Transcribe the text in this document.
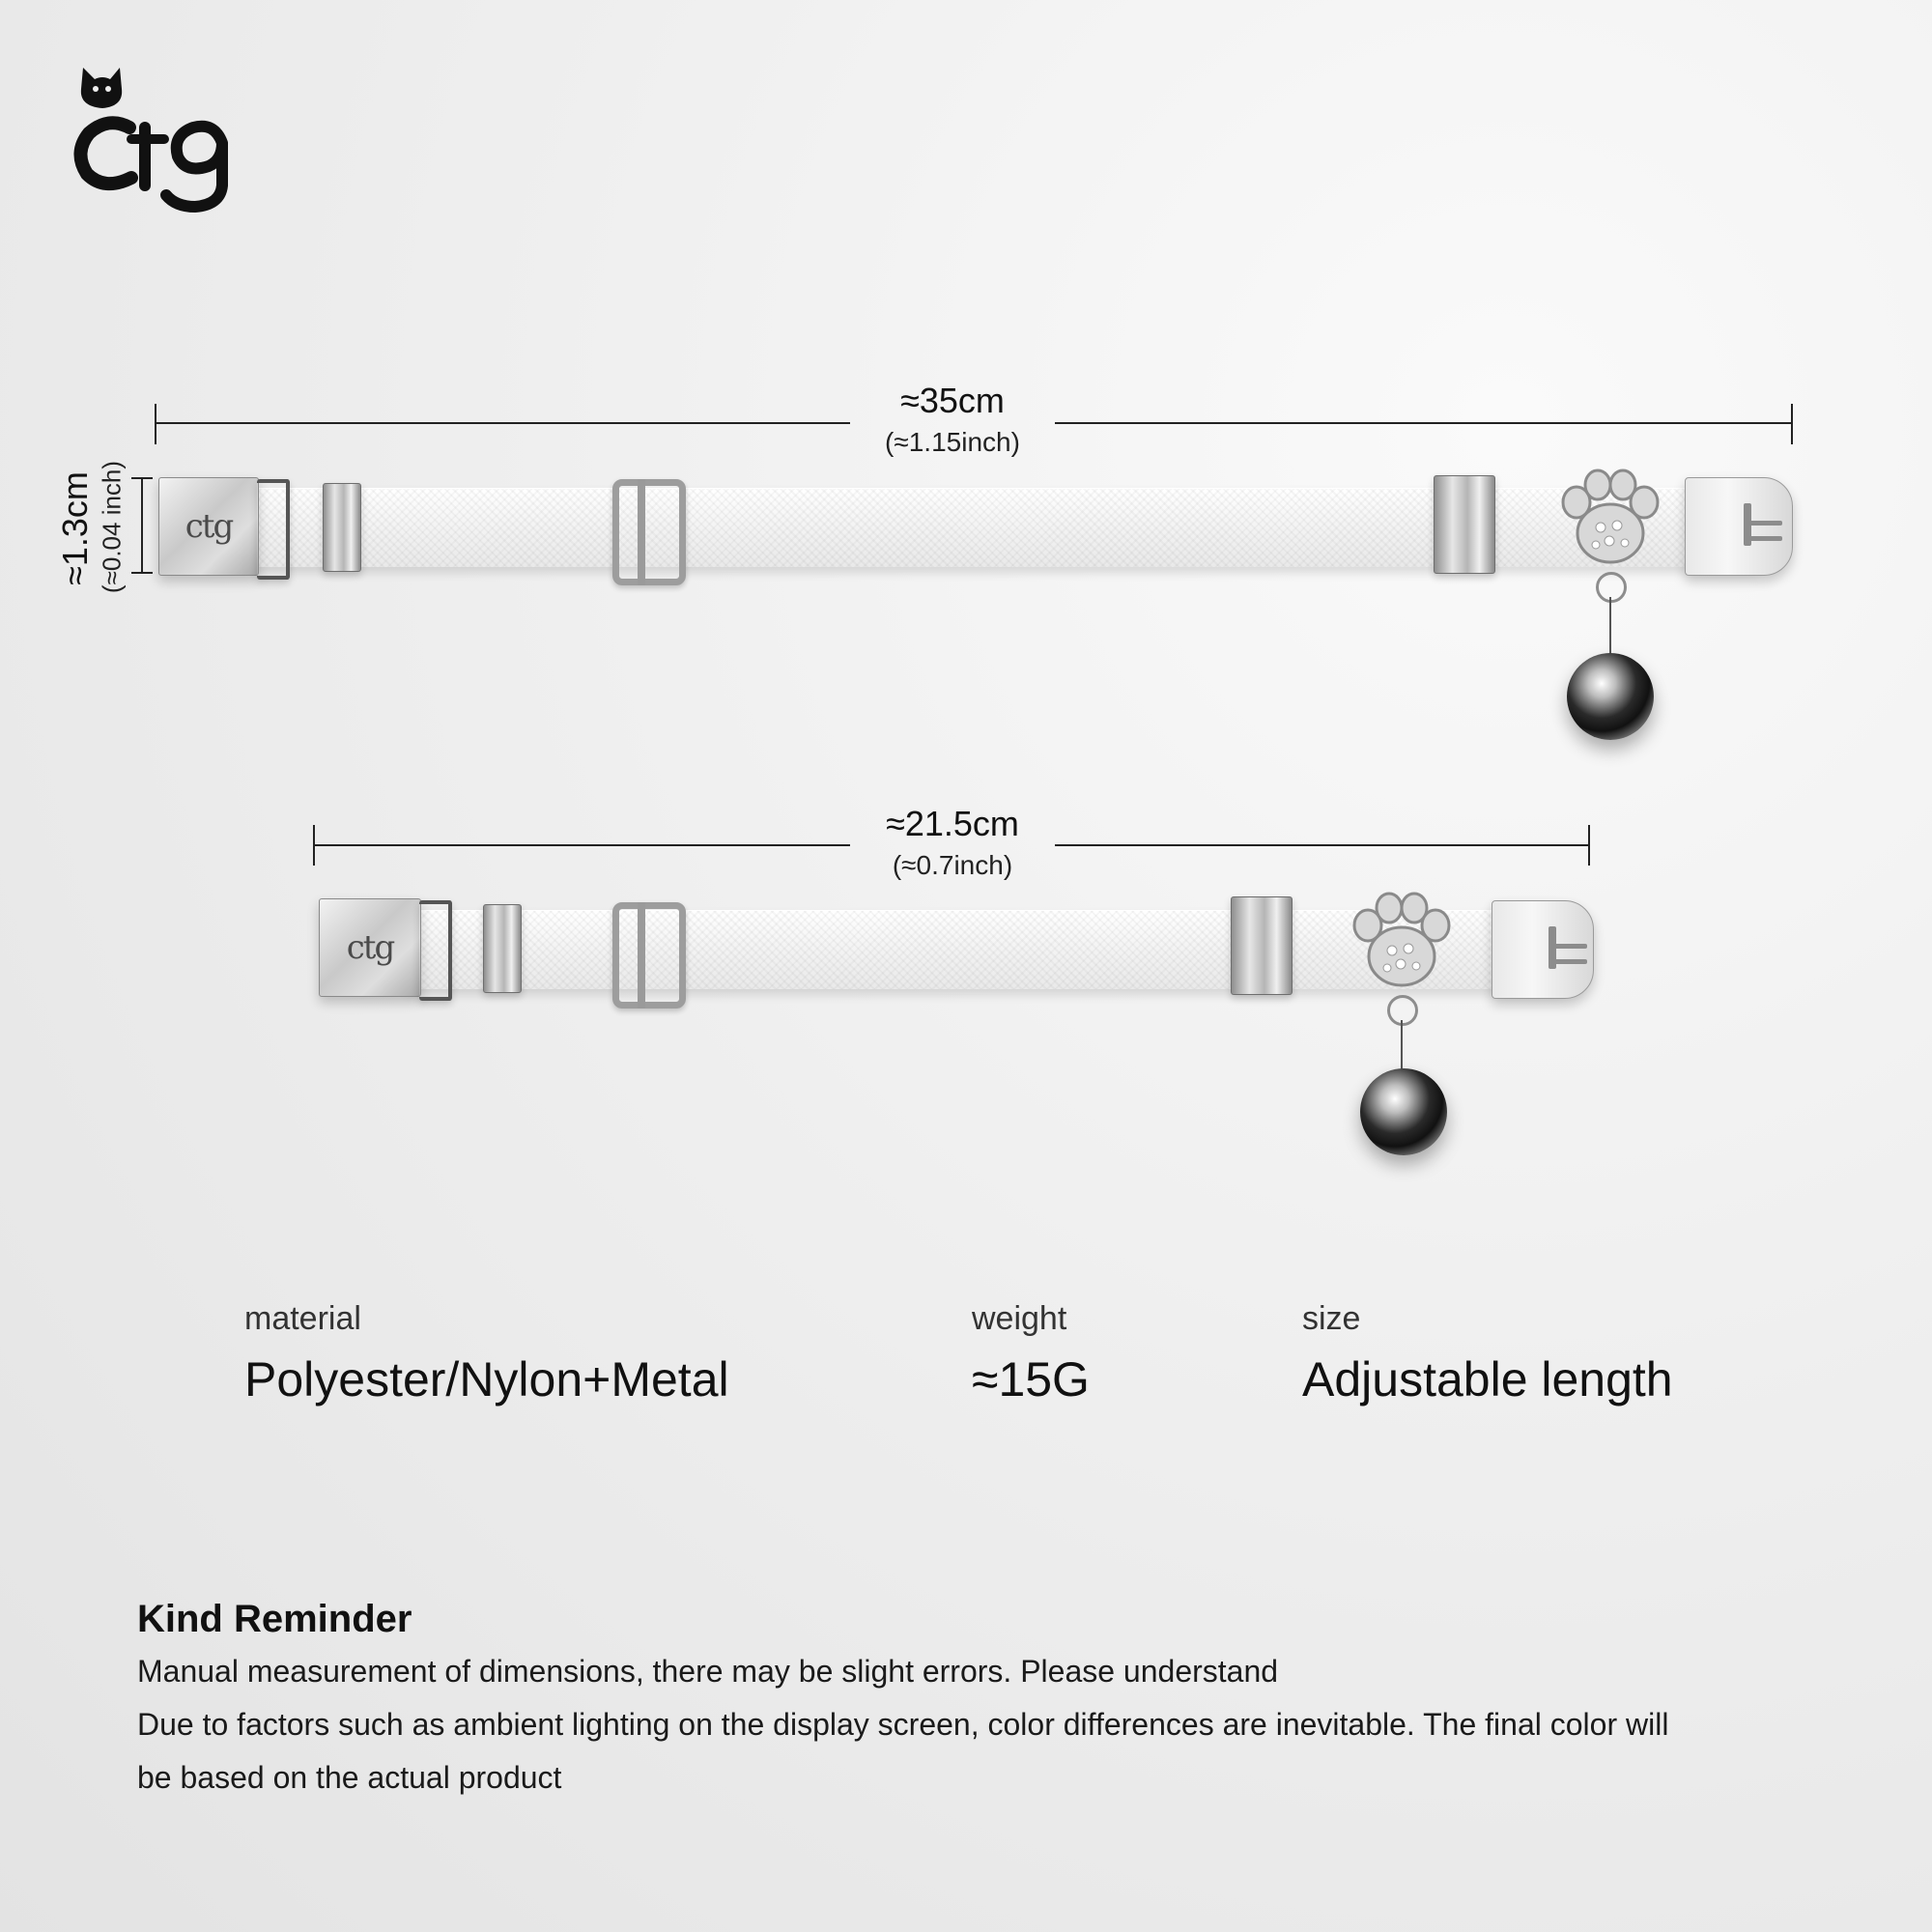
≈35cm
(≈1.15inch)
≈1.3cm (≈0.04 inch) ctg
≈21.5cm
(≈0.7inch)
ctg
material
Polyester/Nylon+Metal
weight
≈15G
size
Adjustable length
Kind Reminder
Manual measurement of dimensions, there may be slight errors. Please understand
Due to factors such as ambient lighting on the display screen, color differences are inevitable. The final color will
be based on the actual product
